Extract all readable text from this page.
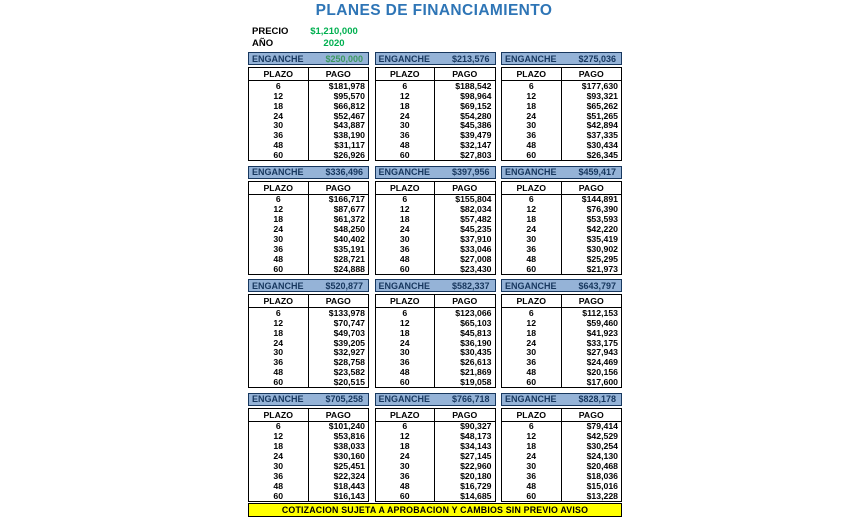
PLANES DE FINANCIAMIENTO
PRECIO	$1,210,000
AÑO	2020
ENGANCHE $250,000
PLAZO	PAGO
6	$181,978
12	$95,570
18	$66,812
24	$52,467
30	$43,887
36	$38,190
48	$31,117
60	$26,926
ENGANCHE $213,576
PLAZO	PAGO
6	$188,542
12	$98,964
18	$69,152
24	$54,280
30	$45,386
36	$39,479
48	$32,147
60	$27,803
ENGANCHE $275,036
PLAZO	PAGO
6	$177,630
12	$93,321
18	$65,262
24	$51,265
30	$42,894
36	$37,335
48	$30,434
60	$26,345
ENGANCHE $336,496
PLAZO	PAGO
6	$166,717
12	$87,677
18	$61,372
24	$48,250
30	$40,402
36	$35,191
48	$28,721
60	$24,888
ENGANCHE $397,956
PLAZO	PAGO
6	$155,804
12	$82,034
18	$57,482
24	$45,235
30	$37,910
36	$33,046
48	$27,008
60	$23,430
ENGANCHE $459,417
PLAZO	PAGO
6	$144,891
12	$76,390
18	$53,593
24	$42,220
30	$35,419
36	$30,902
48	$25,295
60	$21,973
ENGANCHE $520,877
PLAZO	PAGO
6	$133,978
12	$70,747
18	$49,703
24	$39,205
30	$32,927
36	$28,758
48	$23,582
60	$20,515
ENGANCHE $582,337
PLAZO	PAGO
6	$123,066
12	$65,103
18	$45,813
24	$36,190
30	$30,435
36	$26,613
48	$21,869
60	$19,058
ENGANCHE $643,797
PLAZO	PAGO
6	$112,153
12	$59,460
18	$41,923
24	$33,175
30	$27,943
36	$24,469
48	$20,156
60	$17,600
ENGANCHE $705,258
PLAZO	PAGO
6	$101,240
12	$53,816
18	$38,033
24	$30,160
30	$25,451
36	$22,324
48	$18,443
60	$16,143
ENGANCHE $766,718
PLAZO	PAGO
6	$90,327
12	$48,173
18	$34,143
24	$27,145
30	$22,960
36	$20,180
48	$16,729
60	$14,685
ENGANCHE $828,178
PLAZO	PAGO
6	$79,414
12	$42,529
18	$30,254
24	$24,130
30	$20,468
36	$18,036
48	$15,016
60	$13,228
COTIZACION SUJETA A APROBACION Y CAMBIOS SIN PREVIO AVISO
